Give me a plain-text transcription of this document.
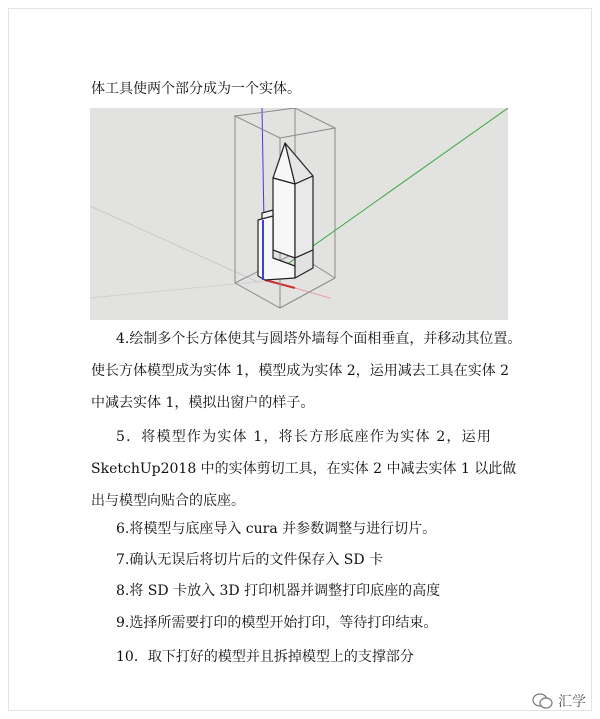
体工具使两个部分成为一个实体。
4.绘制多个长方体使其与圆塔外墙每个面相垂直，并移动其位置。
使长方体模型成为实体 1，模型成为实体 2，运用减去工具在实体 2
中减去实体 1，模拟出窗户的样子。
5．将模型作为实体 1，将长方形底座作为实体 2，运用
SketchUp2018 中的实体剪切工具，在实体 2 中减去实体 1 以此做
出与模型向贴合的底座。
6.将模型与底座导入 cura 并参数调整与进行切片。
7.确认无误后将切片后的文件保存入 SD 卡
8.将 SD 卡放入 3D 打印机器并调整打印底座的高度
9.选择所需要打印的模型开始打印，等待打印结束。
10．取下打好的模型并且拆掉模型上的支撑部分
汇学
